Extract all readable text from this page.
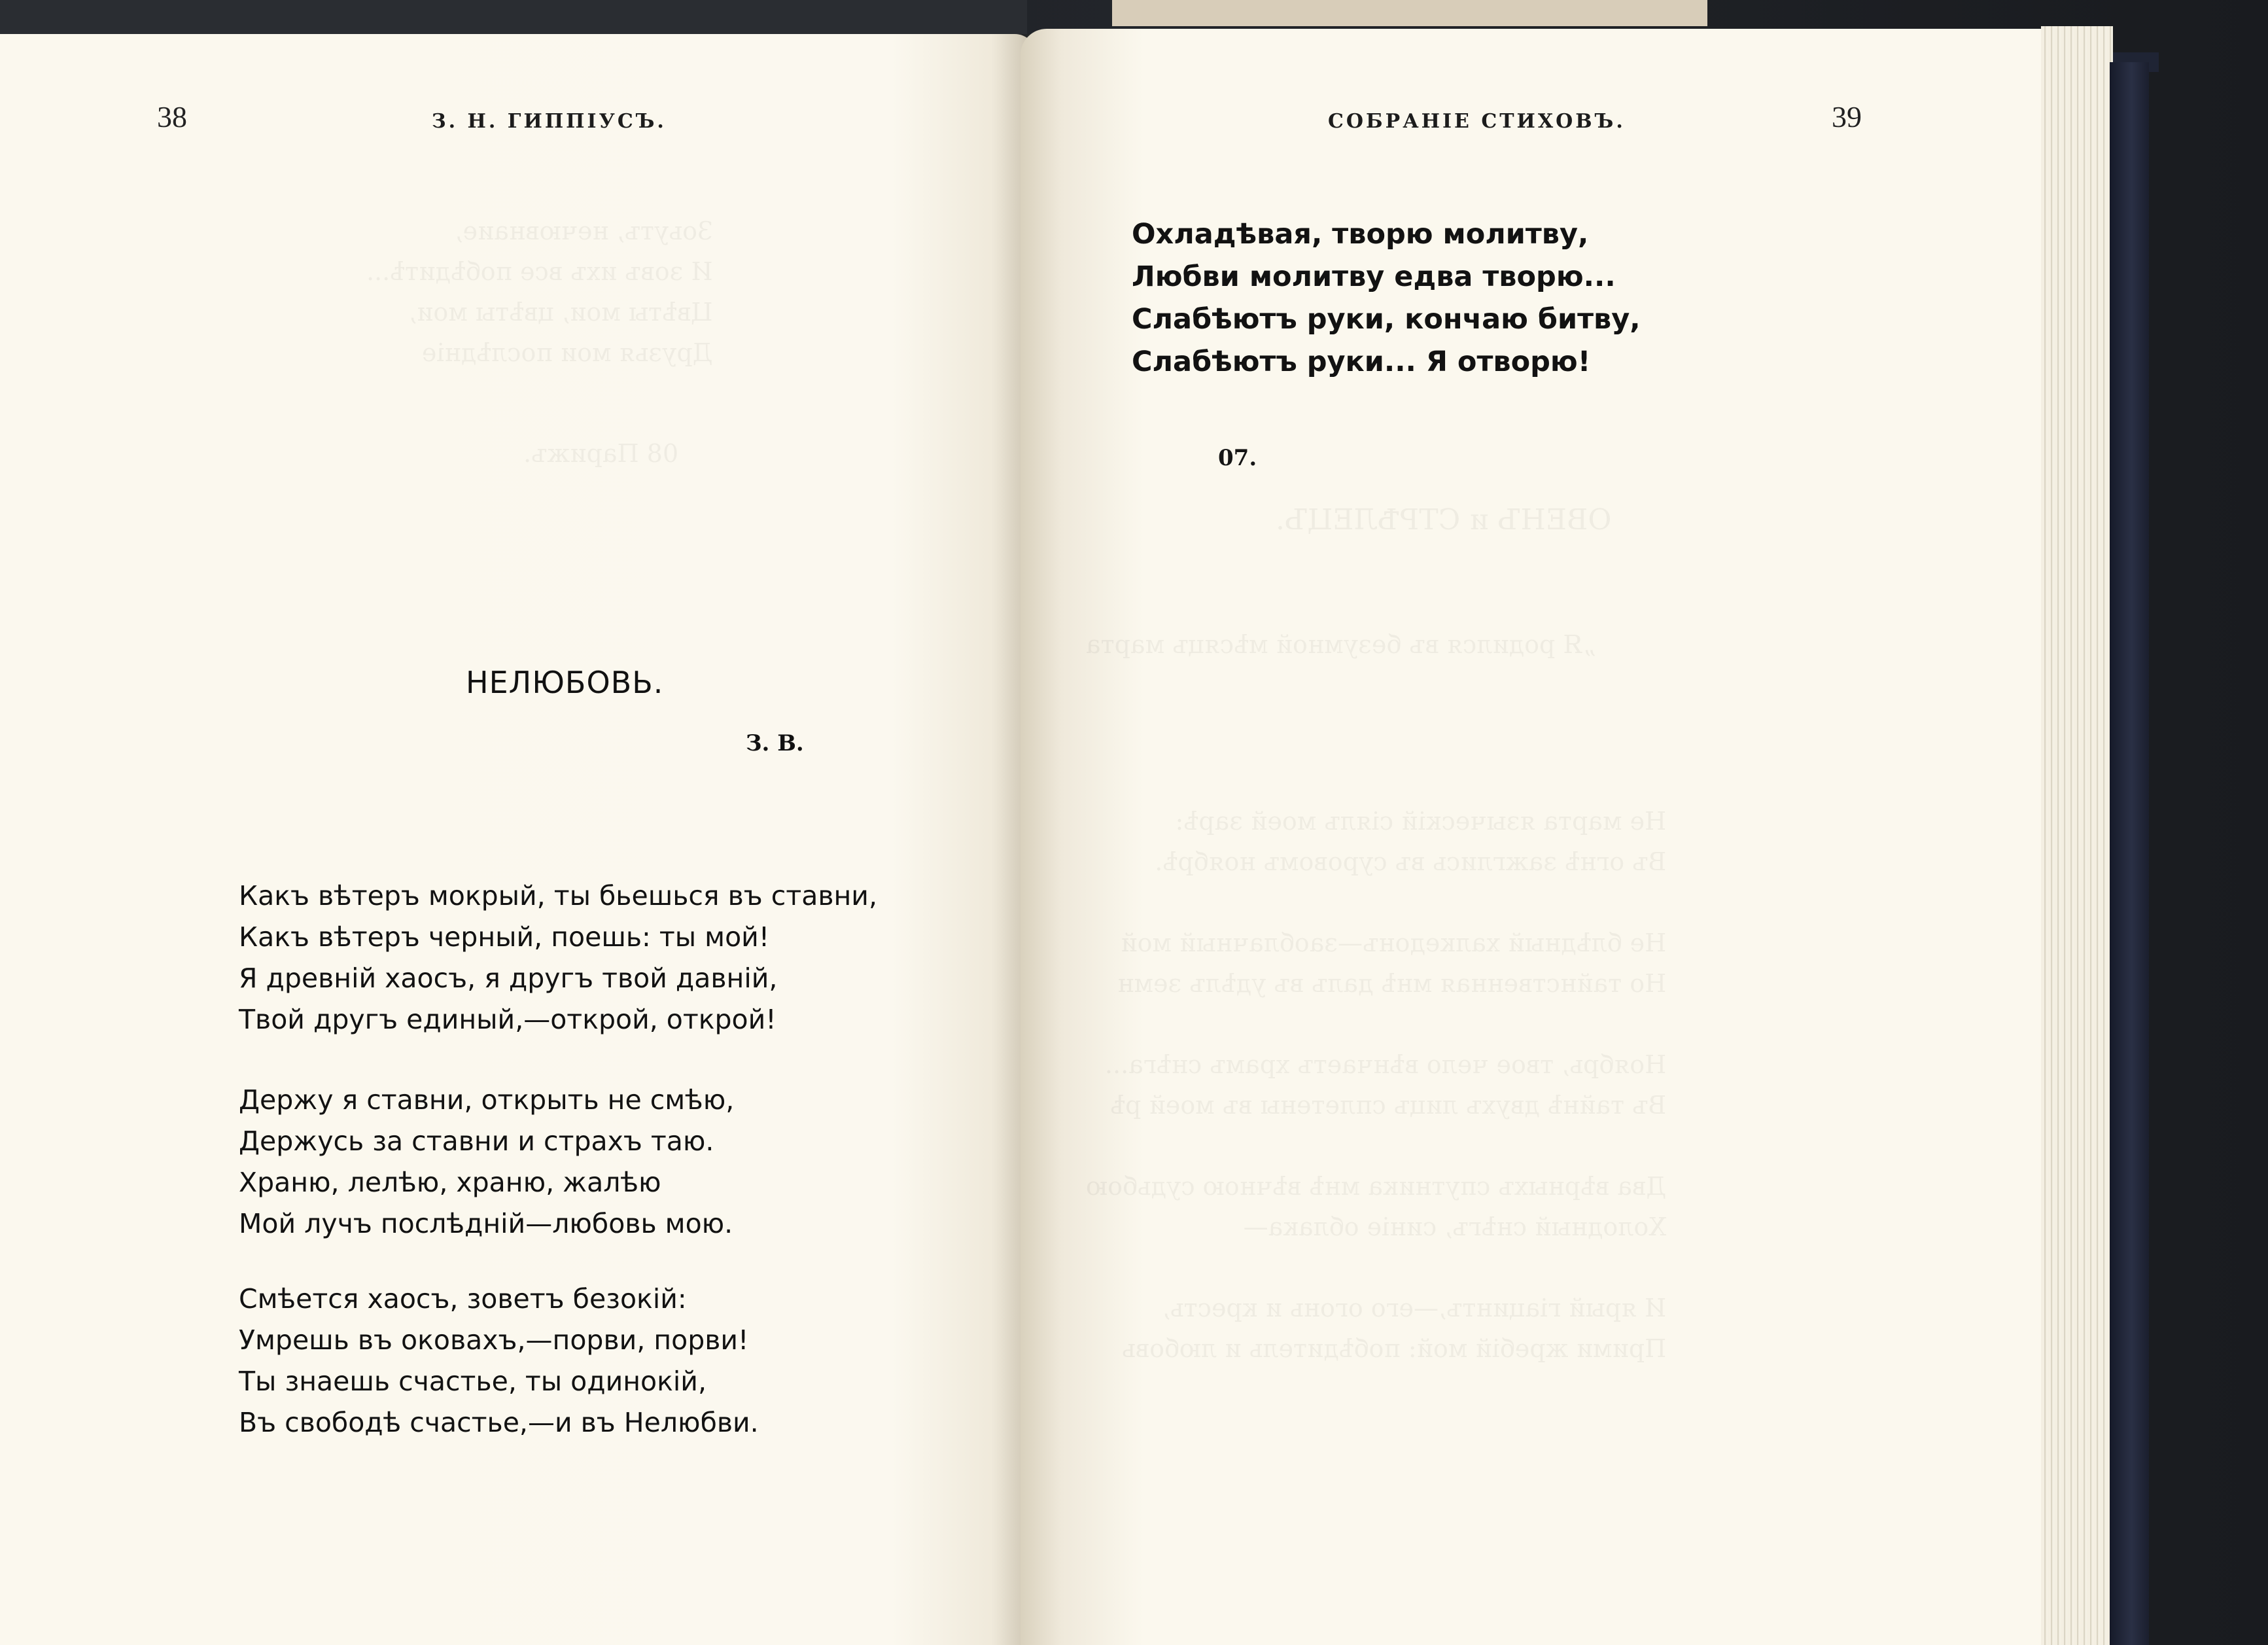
38	З. Н. ГИППІУСЪ.
НЕЛЮБОВЬ.
З. В.
Какъ вѣтеръ мокрый, ты бьешься въ ставни,
Какъ вѣтеръ черный, поешь: ты мой!
Я древній хаосъ, я другъ твой давній,
Твой другъ единый,—открой, открой!
Держу я ставни, открыть не смѣю,
Держусь за ставни и страхъ таю.
Храню, лелѣю, храню, жалѣю
Мой лучъ послѣдній—любовь мою.
Смѣется хаосъ, зоветъ безокій:
Умрешь въ оковахъ,—порви, порви!
Ты знаешь счастье, ты одинокій,
Въ свободѣ счастье,—и въ Нелюбви.
СОБРАНІЕ СТИХОВЪ.	39
Охладѣвая, творю молитву,
Любви молитву едва творю...
Слабѣютъ руки, кончаю битву,
Слабѣютъ руки... Я отворю!
07.
